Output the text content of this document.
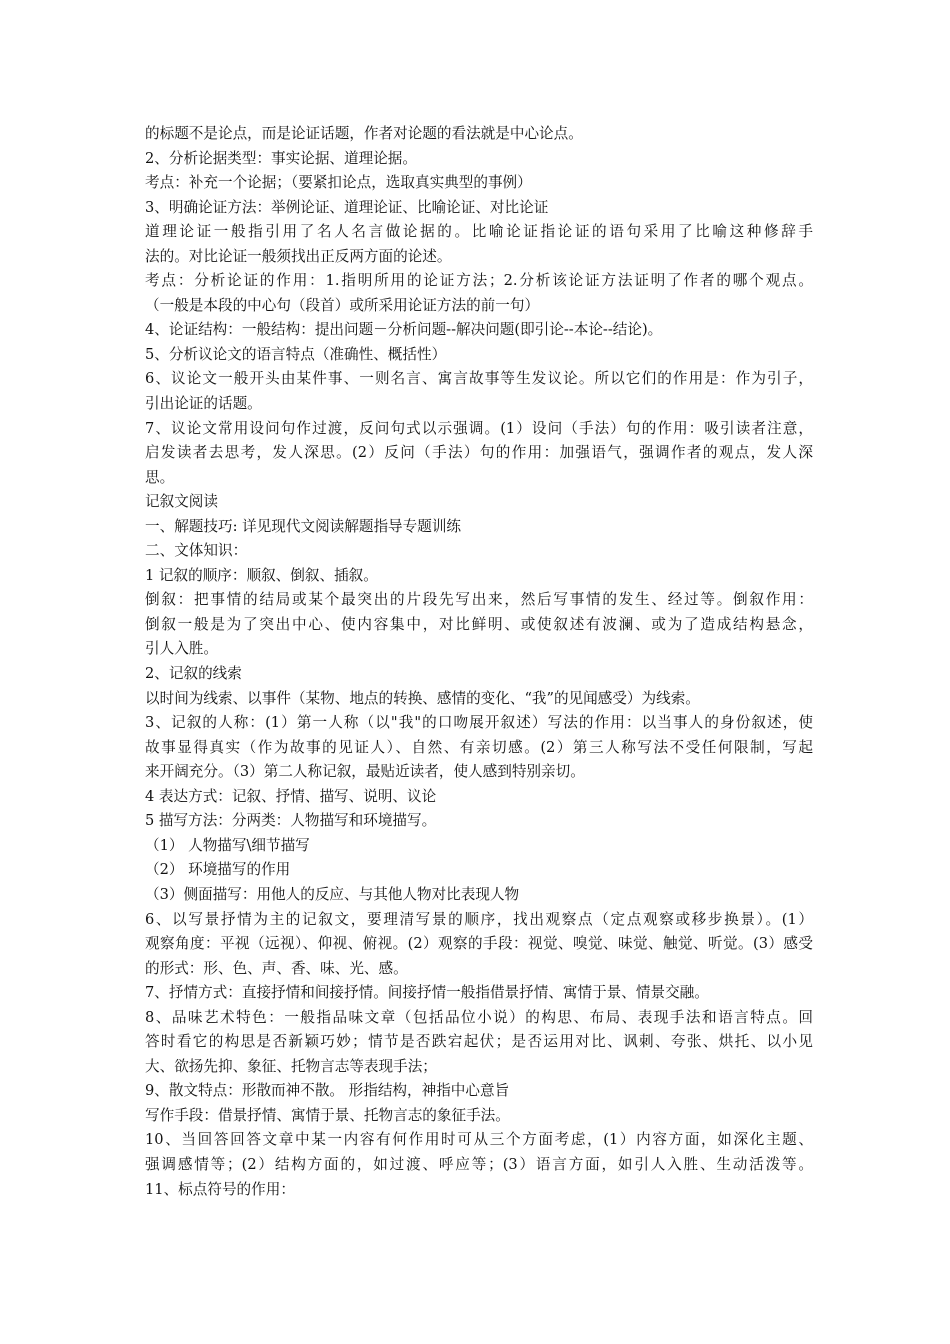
的标题不是论点，而是论证话题，作者对论题的看法就是中心论点。
2、分析论据类型：事实论据、道理论据。
考点：补充一个论据；（要紧扣论点，选取真实典型的事例）
3、明确论证方法：举例论证、道理论证、比喻论证、对比论证
道理论证一般指引用了名人名言做论据的。比喻论证指论证的语句采用了比喻这种修辞手
法的。对比论证一般须找出正反两方面的论述。
考点：分析论证的作用：1.指明所用的论证方法；2.分析该论证方法证明了作者的哪个观点。
（一般是本段的中心句（段首）或所采用论证方法的前一句）
4、论证结构：一般结构：提出问题－分析问题--解决问题(即引论--本论--结论)。
5、分析议论文的语言特点（准确性、概括性）
6、议论文一般开头由某件事、一则名言、寓言故事等生发议论。所以它们的作用是：作为引子，
引出论证的话题。
7、议论文常用设问句作过渡，反问句式以示强调。(1）设问（手法）句的作用：吸引读者注意，
启发读者去思考，发人深思。(2）反问（手法）句的作用：加强语气，强调作者的观点，发人深
思。
记叙文阅读
一、解题技巧: 详见现代文阅读解题指导专题训练
二、文体知识：
1 记叙的顺序：顺叙、倒叙、插叙。
倒叙：把事情的结局或某个最突出的片段先写出来，然后写事情的发生、经过等。倒叙作用：
倒叙一般是为了突出中心、使内容集中，对比鲜明、或使叙述有波澜、或为了造成结构悬念，
引人入胜。
2、记叙的线索
以时间为线索、以事件（某物、地点的转换、感情的变化、“我”的见闻感受）为线索。
3、记叙的人称：(1）第一人称（以"我"的口吻展开叙述）写法的作用：以当事人的身份叙述，使
故事显得真实（作为故事的见证人）、自然、有亲切感。(2）第三人称写法不受任何限制，写起
来开阔充分。（3）第二人称记叙，最贴近读者，使人感到特别亲切。
4 表达方式：记叙、抒情、描写、说明、议论
5 描写方法：分两类：人物描写和环境描写。
（1） 人物描写\细节描写
（2） 环境描写的作用
（3）侧面描写：用他人的反应、与其他人物对比表现人物
6、以写景抒情为主的记叙文，要理清写景的顺序，找出观察点（定点观察或移步换景）。(1）
观察角度：平视（远视）、仰视、俯视。(2）观察的手段：视觉、嗅觉、味觉、触觉、听觉。(3）感受
的形式：形、色、声、香、味、光、感。
7、抒情方式：直接抒情和间接抒情。间接抒情一般指借景抒情、寓情于景、情景交融。
8、品味艺术特色：一般指品味文章（包括品位小说）的构思、布局、表现手法和语言特点。回
答时看它的构思是否新颖巧妙；情节是否跌宕起伏；是否运用对比、讽刺、夸张、烘托、以小见
大、欲扬先抑、象征、托物言志等表现手法；
9、散文特点：形散而神不散。 形指结构，神指中心意旨
写作手段：借景抒情、寓情于景、托物言志的象征手法。
10、当回答回答文章中某一内容有何作用时可从三个方面考虑，(1）内容方面，如深化主题、
强调感情等；(2）结构方面的，如过渡、呼应等；(3）语言方面，如引人入胜、生动活泼等。
11、标点符号的作用：
